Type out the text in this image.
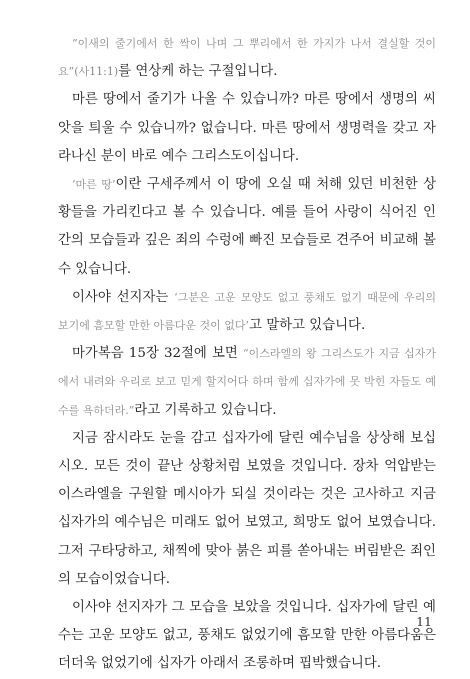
“이새의 줄기에서 한 싹이 나며 그 뿌리에서 한 가지가 나서 결실할 것이요”(사11:1)를 연상케 하는 구절입니다.

마른 땅에서 줄기가 나올 수 있습니까? 마른 땅에서 생명의 씨앗을 틔울 수 있습니까? 없습니다. 마른 땅에서 생명력을 갖고 자라나신 분이 바로 예수 그리스도이십니다.

‘마른 땅’이란 구세주께서 이 땅에 오실 때 처해 있던 비천한 상황들을 가리킨다고 볼 수 있습니다. 예를 들어 사랑이 식어진 인간의 모습들과 깊은 죄의 수렁에 빠진 모습들로 견주어 비교해 볼 수 있습니다.

이사야 선지자는 ‘그분은 고운 모양도 없고 풍채도 없기 때문에 우리의 보기에 흠모할 만한 아름다운 것이 없다’고 말하고 있습니다.

마가복음 15장 32절에 보면 “이스라엘의 왕 그리스도가 지금 십자가에서 내려와 우리로 보고 믿게 할지어다 하며 함께 십자가에 못 박힌 자들도 예수를 욕하더라.”라고 기록하고 있습니다.

지금 잠시라도 눈을 감고 십자가에 달린 예수님을 상상해 보십시오. 모든 것이 끝난 상황처럼 보였을 것입니다. 장차 억압받는 이스라엘을 구원할 메시아가 되실 것이라는 것은 고사하고 지금 십자가의 예수님은 미래도 없어 보였고, 희망도 없어 보였습니다. 그저 구타당하고, 채찍에 맞아 붉은 피를 쏟아내는 버림받은 죄인의 모습이었습니다.

이사야 선지자가 그 모습을 보았을 것입니다. 십자가에 달린 예수는 고운 모양도 없고, 풍채도 없었기에 흠모할 만한 아름다움은 더더욱 없었기에 십자가 아래서 조롱하며 핍박했습니다.

11
